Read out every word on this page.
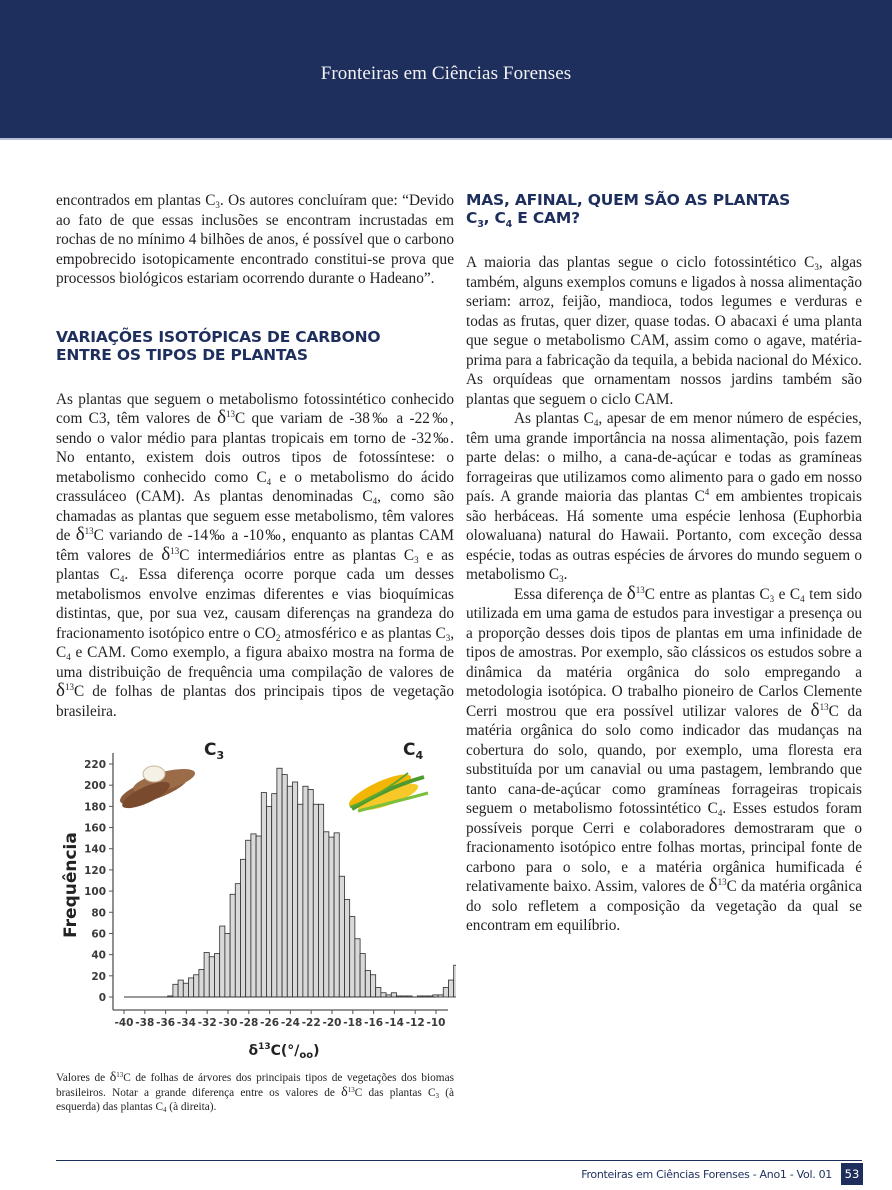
Fronteiras em Ciências Forenses

encontrados em plantas $C_3$. Os autores concluíram que: “Devido ao fato de que essas inclusões se encontram incrustadas em rochas de no mínimo 4 bilhões de anos, é possível que o carbono empobrecido isotopicamente encontrado constitui-se prova que processos biológicos estariam ocorrendo durante o Hadeano”.

VARIAÇÕES ISOTÓPICAS DE CARBONO ENTRE OS TIPOS DE PLANTAS

As plantas que seguem o metabolismo fotossintético conhecido com C3, têm valores de $\delta^{13}C$ que variam de -38‰ a -22‰, sendo o valor médio para plantas tropicais em torno de -32‰. No entanto, existem dois outros tipos de fotossíntese: o metabolismo conhecido como $C_4$ e o metabolismo do ácido crassuláceo (CAM). As plantas denominadas $C_4$, como são chamadas as plantas que seguem esse metabolismo, têm valores de $\delta^{13}C$ variando de -14‰ a -10‰, enquanto as plantas CAM têm valores de $\delta^{13}C$ intermediários entre as plantas $C_3$ e as plantas $C_4$. Essa diferença ocorre porque cada um desses metabolismos envolve enzimas diferentes e vias bioquímicas distintas, que, por sua vez, causam diferenças na grandeza do fracionamento isotópico entre o $CO_2$ atmosférico e as plantas $C_3$, $C_4$ e CAM. Como exemplo, a figura abaixo mostra na forma de uma distribuição de frequência uma compilação de valores de $\delta^{13}C$ de folhas de plantas dos principais tipos de vegetação brasileira.

0
20
40
60
80
100
120
140
160
180
200
220
-40 -38 -36 -34 -32 -30 -28 -26 -24 -22 -20 -18 -16 -14 -12 -10
Frequência
$\delta^{13}C(^\circ/_{oo})$
$C_3$	$C_4$
Valores de $\delta^{13}C$ de folhas de árvores dos principais tipos de vegetações dos biomas brasileiros. Notar a grande diferença entre os valores de $\delta^{13}C$ das plantas $C_3$ (à esquerda) das plantas $C_4$ (à direita).
MAS, AFINAL, QUEM SÃO AS PLANTAS
$C_3$, $C_4$ E CAM?

A maioria das plantas segue o ciclo fotossintético $C_3$, algas também, alguns exemplos comuns e ligados à nossa alimentação seriam: arroz, feijão, mandioca, todos legumes e verduras e todas as frutas, quer dizer, quase todas. O abacaxi é uma planta que segue o metabolismo CAM, assim como o agave, matéria-prima para a fabricação da tequila, a bebida nacional do México. As orquídeas que ornamentam nossos jardins também são plantas que seguem o ciclo CAM.

As plantas $C_4$, apesar de em menor número de espécies, têm uma grande importância na nossa alimentação, pois fazem parte delas: o milho, a cana-de-açúcar e todas as gramíneas forrageiras que utilizamos como alimento para o gado em nosso país. A grande maioria das plantas $C^4$ em ambientes tropicais são herbáceas. Há somente uma espécie lenhosa (Euphorbia olowaluana) natural do Hawaii. Portanto, com exceção dessa espécie, todas as outras espécies de árvores do mundo seguem o metabolismo $C_3$.

Essa diferença de $\delta^{13}C$ entre as plantas $C_3$ e $C_4$ tem sido utilizada em uma gama de estudos para investigar a presença ou a proporção desses dois tipos de plantas em uma infinidade de tipos de amostras. Por exemplo, são clássicos os estudos sobre a dinâmica da matéria orgânica do solo empregando a metodologia isotópica. O trabalho pioneiro de Carlos Clemente Cerri mostrou que era possível utilizar valores de $\delta^{13}C$ da matéria orgânica do solo como indicador das mudanças na cobertura do solo, quando, por exemplo, uma floresta era substituída por um canavial ou uma pastagem, lembrando que tanto cana-de-açúcar como gramíneas forrageiras tropicais seguem o metabolismo fotossintético $C_4$. Esses estudos foram possíveis porque Cerri e colaboradores demostraram que o fracionamento isotópico entre folhas mortas, principal fonte de carbono para o solo, e a matéria orgânica humificada é relativamente baixo. Assim, valores de $\delta^{13}C$ da matéria orgânica do solo refletem a composição da vegetação da qual se encontram em equilíbrio.

Fronteiras em Ciências Forenses - Ano1 - Vol. 01	53
